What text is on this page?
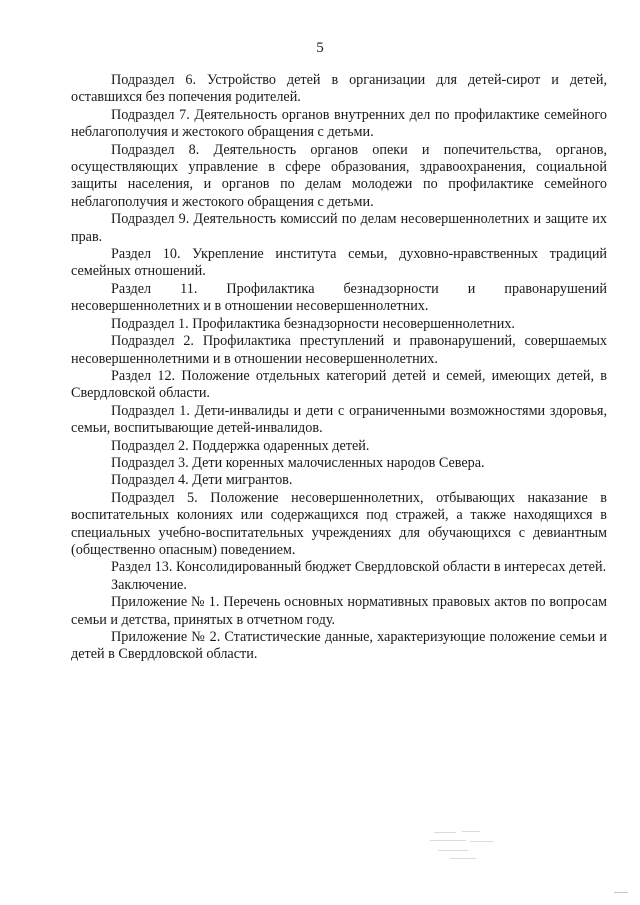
5

Подраздел 6. Устройство детей в организации для детей-сирот и детей, оставшихся без попечения родителей.

Подраздел 7. Деятельность органов внутренних дел по профилактике семейного неблагополучия и жестокого обращения с детьми.

Подраздел 8. Деятельность органов опеки и попечительства, органов, осуществляющих управление в сфере образования, здравоохранения, социальной защиты населения, и органов по делам молодежи по профилактике семейного неблагополучия и жестокого обращения с детьми.

Подраздел 9. Деятельность комиссий по делам несовершеннолетних и защите их прав.

Раздел 10. Укрепление института семьи, духовно-нравственных традиций семейных отношений.

Раздел 11. Профилактика безнадзорности и правонарушений несовершеннолетних и в отношении несовершеннолетних.

Подраздел 1. Профилактика безнадзорности несовершеннолетних.

Подраздел 2. Профилактика преступлений и правонарушений, совершаемых несовершеннолетними и в отношении несовершеннолетних.

Раздел 12. Положение отдельных категорий детей и семей, имеющих детей, в Свердловской области.

Подраздел 1. Дети-инвалиды и дети с ограниченными возможностями здоровья, семьи, воспитывающие детей-инвалидов.

Подраздел 2. Поддержка одаренных детей.

Подраздел 3. Дети коренных малочисленных народов Севера.

Подраздел 4. Дети мигрантов.

Подраздел 5. Положение несовершеннолетних, отбывающих наказание в воспитательных колониях или содержащихся под стражей, а также находящихся в специальных учебно-воспитательных учреждениях для обучающихся с девиантным (общественно опасным) поведением.

Раздел 13. Консолидированный бюджет Свердловской области в интересах детей.

Заключение.

Приложение № 1. Перечень основных нормативных правовых актов по вопросам семьи и детства, принятых в отчетном году.

Приложение № 2. Статистические данные, характеризующие положение семьи и детей в Свердловской области.
